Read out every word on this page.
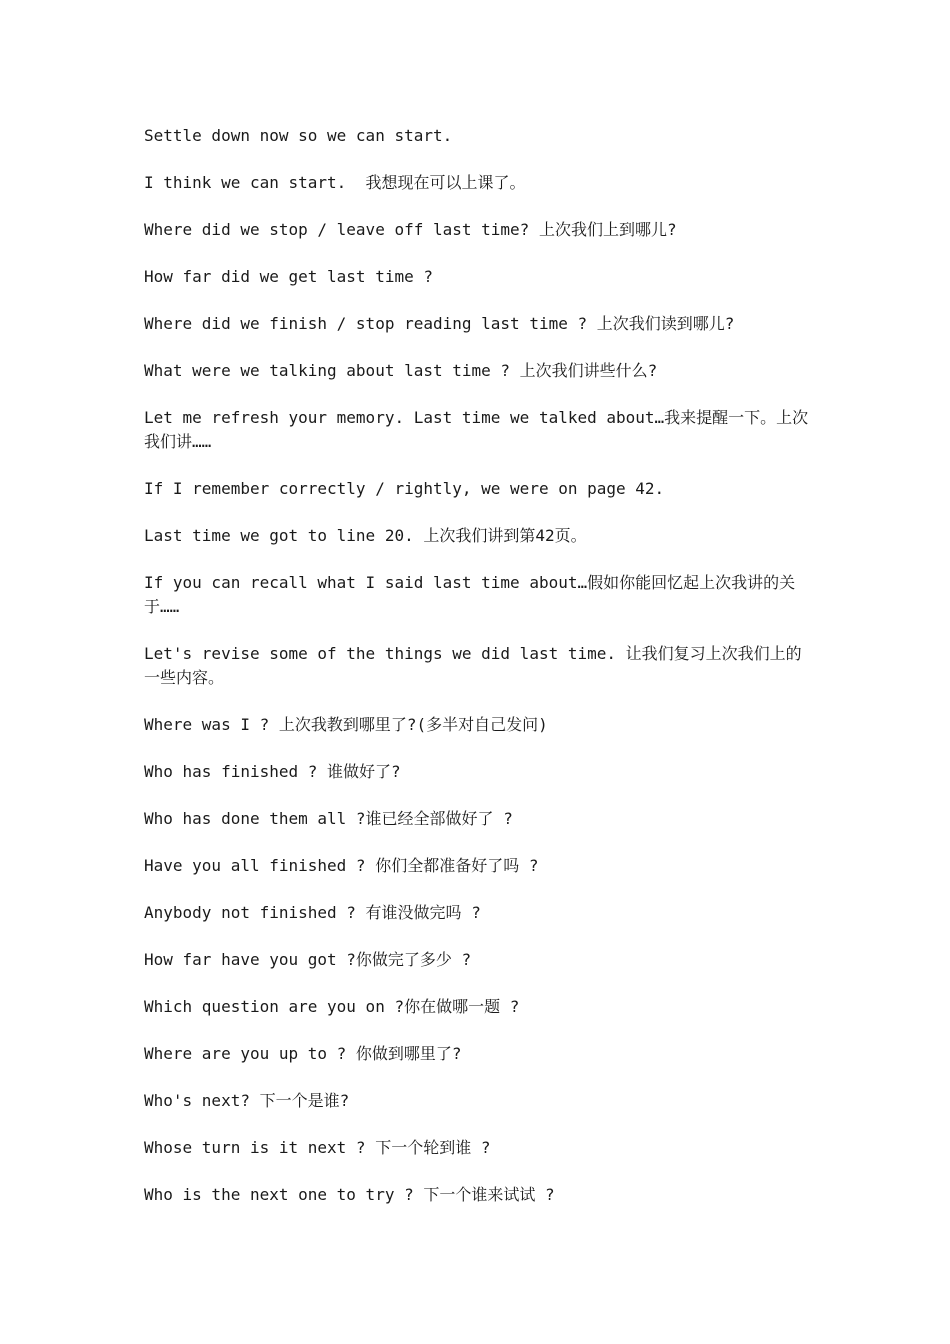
Settle down now so we can start.

I think we can start.  我想现在可以上课了。

Where did we stop / leave off last time? 上次我们上到哪儿?

How far did we get last time ?

Where did we finish / stop reading last time ? 上次我们读到哪儿?

What were we talking about last time ? 上次我们讲些什么?

Let me refresh your memory. Last time we talked about…我来提醒一下。上次我们讲……

If I remember correctly / rightly, we were on page 42.

Last time we got to line 20. 上次我们讲到第42页。

If you can recall what I said last time about…假如你能回忆起上次我讲的关于……

Let's revise some of the things we did last time. 让我们复习上次我们上的一些内容。

Where was I ? 上次我教到哪里了?(多半对自己发问)

Who has finished ? 谁做好了?

Who has done them all ?谁已经全部做好了 ?

Have you all finished ? 你们全都准备好了吗 ?

Anybody not finished ? 有谁没做完吗 ?

How far have you got ?你做完了多少 ?

Which question are you on ?你在做哪一题 ?

Where are you up to ? 你做到哪里了?

Who's next? 下一个是谁?

Whose turn is it next ? 下一个轮到谁 ?

Who is the next one to try ? 下一个谁来试试 ?
